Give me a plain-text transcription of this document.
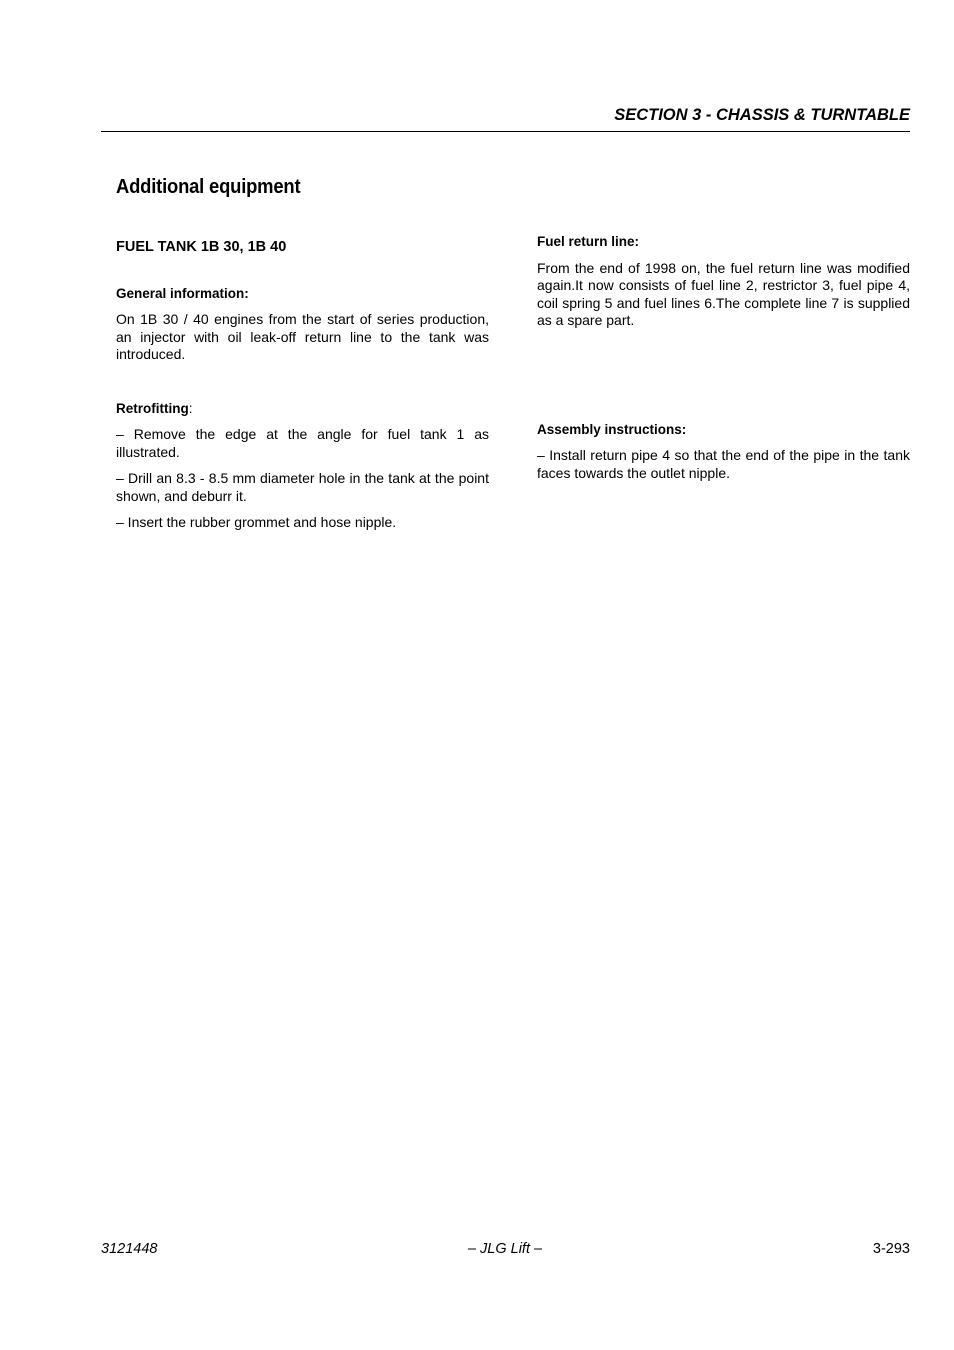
SECTION 3 - CHASSIS & TURNTABLE
Additional equipment
FUEL TANK 1B 30, 1B 40
General information:
On 1B 30 / 40 engines from the start of series production, an injector with oil leak-off return line to the tank was introduced.
Retrofitting:
– Remove the edge at the angle for fuel tank 1 as illustrated.
– Drill an 8.3 - 8.5 mm diameter hole in the tank at the point shown, and deburr it.
– Insert the rubber grommet and hose nipple.
Fuel return line:
From the end of 1998 on, the fuel return line was modified again.It now consists of fuel line 2, restrictor 3, fuel pipe 4, coil spring 5 and fuel lines 6.The complete line 7 is supplied as a spare part.
Assembly instructions:
– Install return pipe 4 so that the end of the pipe in the tank faces towards the outlet nipple.
3121448	– JLG Lift –	3-293
